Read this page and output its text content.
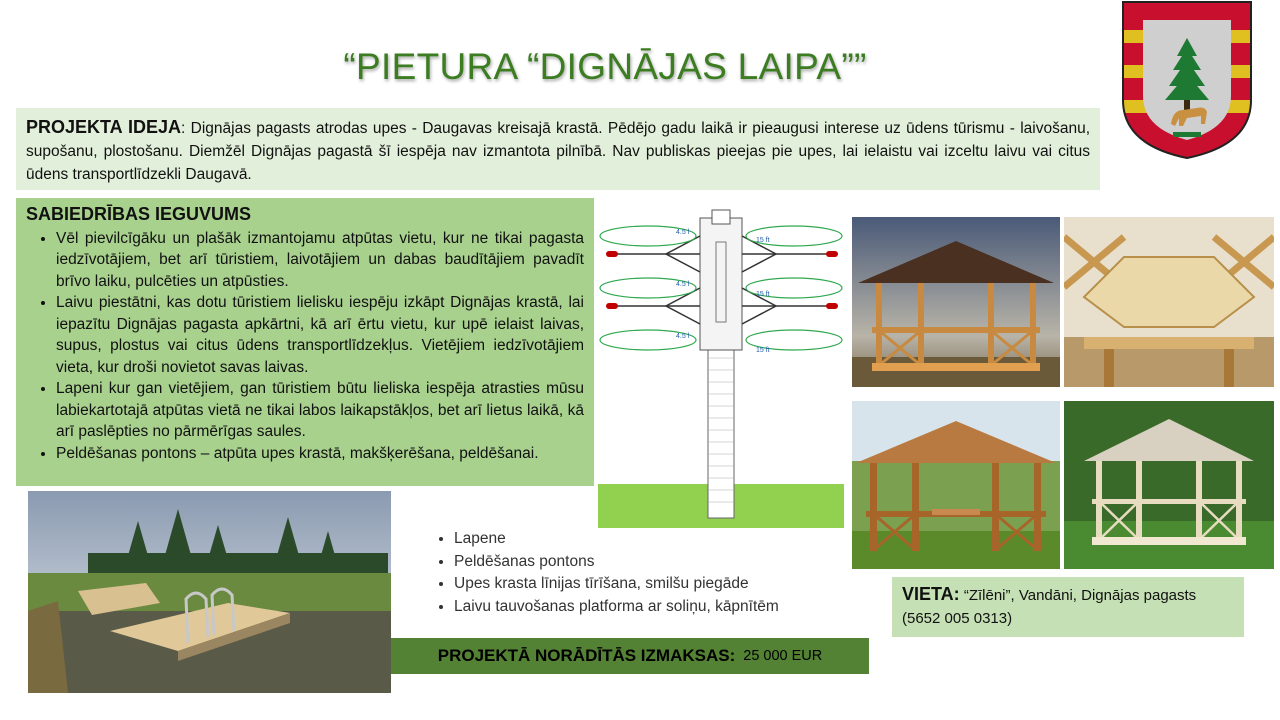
“PIETURA “DIGNĀJAS LAIPA””
PROJEKTA IDEJA: Dignājas pagasts atrodas upes - Daugavas kreisajā krastā. Pēdējo gadu laikā ir pieaugusi interese uz ūdens tūrismu - laivošanu, supošanu, plostošanu. Diemžēl Dignājas pagastā šī iespēja nav izmantota pilnībā. Nav publiskas pieejas pie upes, lai ielaistu vai izceltu laivu vai citus ūdens transportlīdzekli Daugavā.
SABIEDRĪBAS IEGUVUMS
• Vēl pievilcīgāku un plašāk izmantojamu atpūtas vietu, kur ne tikai pagasta iedzīvotājiem, bet arī tūristiem, laivotājiem un dabas baudītājiem pavadīt brīvo laiku, pulcēties un atpūsties.
• Laivu piestātni, kas dotu tūristiem lielisku iespēju izkāpt Dignājas krastā, lai iepazītu Dignājas pagasta apkārtni, kā arī ērtu vietu, kur upē ielaist laivas, supus, plostus vai citus ūdens transportlīdzekļus. Vietējiem iedzīvotājiem vieta, kur droši novietot savas laivas.
• Lapeni kur gan vietējiem, gan tūristiem būtu lieliska iespēja atrasties mūsu labiekartotajā atpūtas vietā ne tikai labos laikapstākļos, bet arī lietus laikā, kā arī paslēpties no pārmērīgas saules.
• Peldēšanas pontons – atpūta upes krastā, makšķerēšana, peldēšanai.
4.5 l
15 ft
4.5 l
15 ft
4.5 l
15 ft
• Lapene
• Peldēšanas pontons
• Upes krasta līnijas tīrīšana, smilšu piegāde
• Laivu tauvošanas platforma ar soliņu, kāpnītēm
PROJEKTĀ NORĀDĪTĀS IZMAKSAS: 25 000 EUR
VIETA: “Zīlēni”, Vandāni, Dignājas pagasts (5652 005 0313)
